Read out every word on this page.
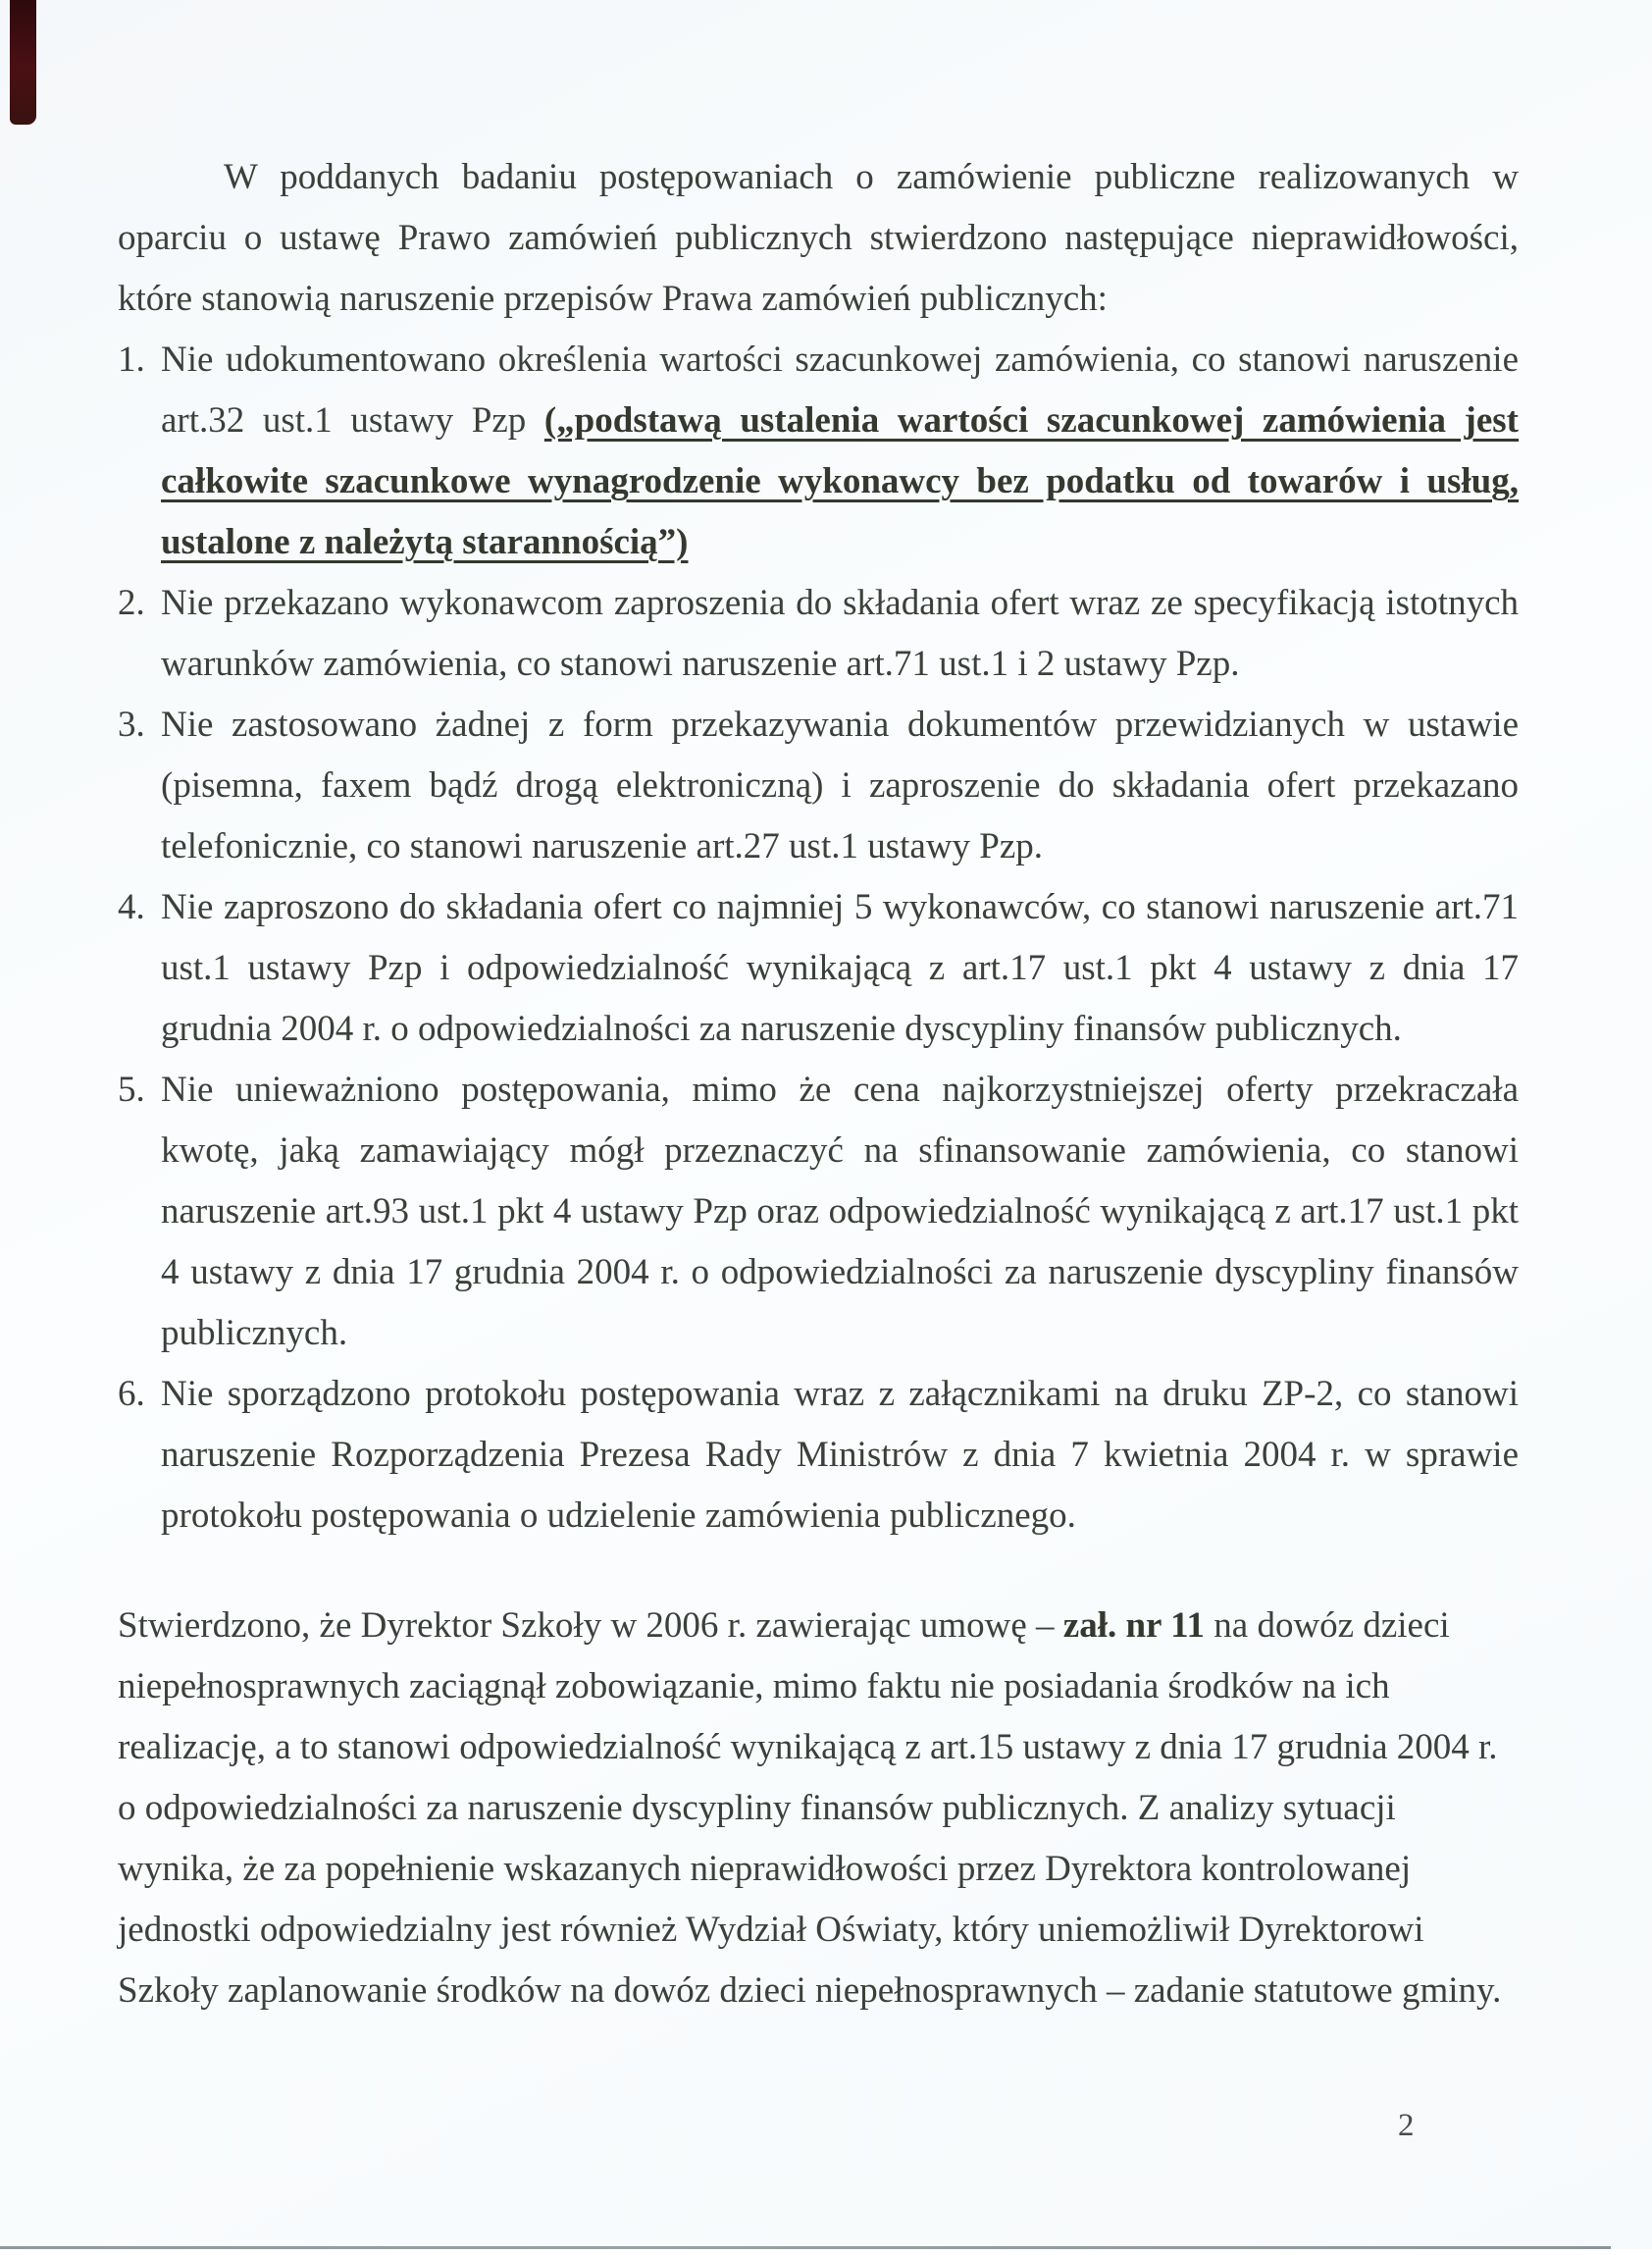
W poddanych badaniu postępowaniach o zamówienie publiczne realizowanych w oparciu o ustawę Prawo zamówień publicznych stwierdzono następujące nieprawidłowości, które stanowią naruszenie przepisów Prawa zamówień publicznych:

1. Nie udokumentowano określenia wartości szacunkowej zamówienia, co stanowi naruszenie art.32 ust.1 ustawy Pzp („podstawą ustalenia wartości szacunkowej zamówienia jest całkowite szacunkowe wynagrodzenie wykonawcy bez podatku od towarów i usług, ustalone z należytą starannością”)
2. Nie przekazano wykonawcom zaproszenia do składania ofert wraz ze specyfikacją istotnych warunków zamówienia, co stanowi naruszenie art.71 ust.1 i 2 ustawy Pzp.
3. Nie zastosowano żadnej z form przekazywania dokumentów przewidzianych w ustawie (pisemna, faxem bądź drogą elektroniczną) i zaproszenie do składania ofert przekazano telefonicznie, co stanowi naruszenie art.27 ust.1 ustawy Pzp.
4. Nie zaproszono do składania ofert co najmniej 5 wykonawców, co stanowi naruszenie art.71 ust.1 ustawy Pzp i odpowiedzialność wynikającą z art.17 ust.1 pkt 4 ustawy z dnia 17 grudnia 2004 r. o odpowiedzialności za naruszenie dyscypliny finansów publicznych.
5. Nie unieważniono postępowania, mimo że cena najkorzystniejszej oferty przekraczała kwotę, jaką zamawiający mógł przeznaczyć na sfinansowanie zamówienia, co stanowi naruszenie art.93 ust.1 pkt 4 ustawy Pzp oraz odpowiedzialność wynikającą z art.17 ust.1 pkt 4 ustawy z dnia 17 grudnia 2004 r. o odpowiedzialności za naruszenie dyscypliny finansów publicznych.
6. Nie sporządzono protokołu postępowania wraz z załącznikami na druku ZP-2, co stanowi naruszenie Rozporządzenia Prezesa Rady Ministrów z dnia 7 kwietnia 2004 r. w sprawie protokołu postępowania o udzielenie zamówienia publicznego.

Stwierdzono, że Dyrektor Szkoły w 2006 r. zawierając umowę – zał. nr 11 na dowóz dzieci niepełnosprawnych zaciągnął zobowiązanie, mimo faktu nie posiadania środków na ich realizację, a to stanowi odpowiedzialność wynikającą z art.15 ustawy z dnia 17 grudnia 2004 r. o odpowiedzialności za naruszenie dyscypliny finansów publicznych. Z analizy sytuacji wynika, że za popełnienie wskazanych nieprawidłowości przez Dyrektora kontrolowanej jednostki odpowiedzialny jest również Wydział Oświaty, który uniemożliwił Dyrektorowi Szkoły zaplanowanie środków na dowóz dzieci niepełnosprawnych – zadanie statutowe gminy.

2
